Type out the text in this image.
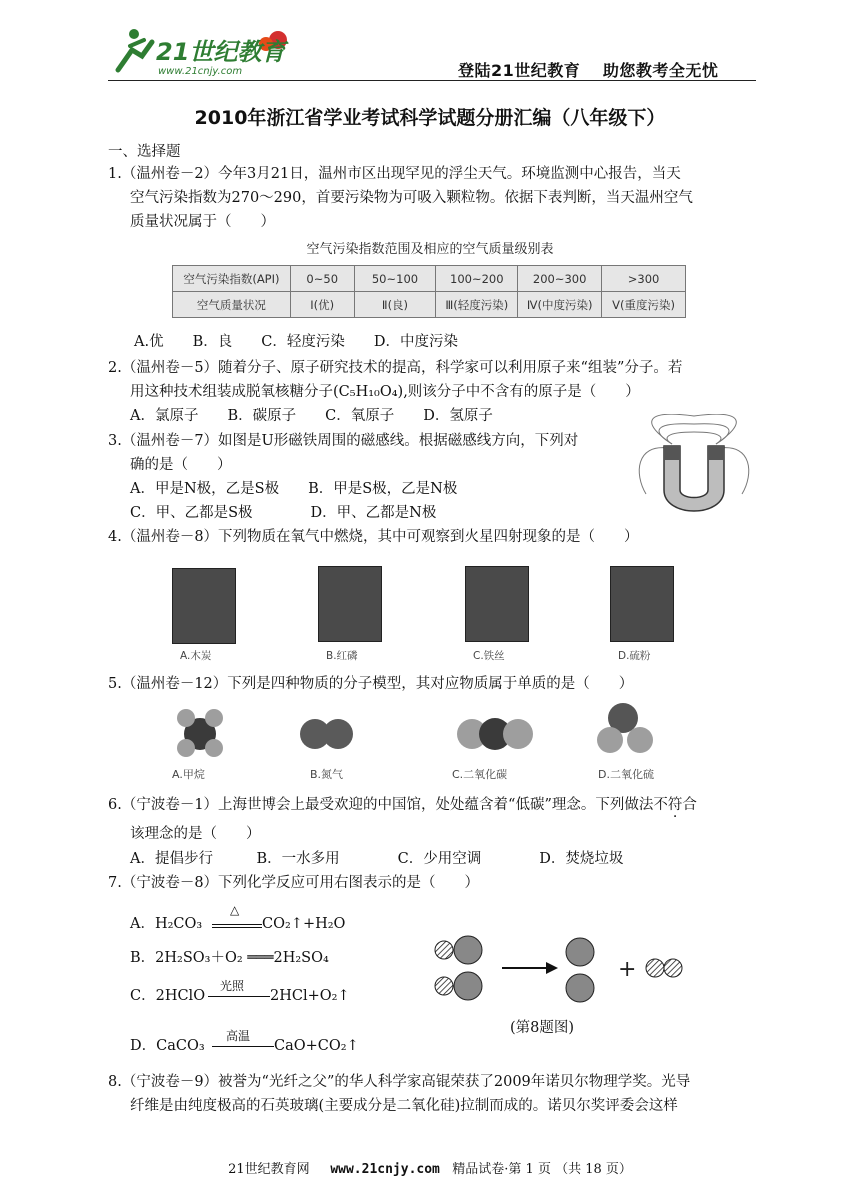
21世纪教育
www.21cnjy.com	登陆21世纪教育　 助您教考全无忧
2010年浙江省学业考试科学试题分册汇编（八年级下）
一、选择题
1.（温州卷－2）今年3月21日，温州市区出现罕见的浮尘天气。环境监测中心报告，当天
空气污染指数为270～290，首要污染物为可吸入颗粒物。依据下表判断，当天温州空气
质量状况属于（　　）
空气污染指数范围及相应的空气质量级别表
空气污染指数(API)	0~50	50~100	100~200	200~300	>300
空气质量状况	Ⅰ(优)	Ⅱ(良)	Ⅲ(轻度污染)	Ⅳ(中度污染)	Ⅴ(重度污染)
A.优　　B．良　　C．轻度污染　　D．中度污染
2.（温州卷－5）随着分子、原子研究技术的提高，科学家可以利用原子来“组装”分子。若
用这种技术组装成脱氧核糖分子(C₅H₁₀O₄),则该分子中不含有的原子是（　　）
A．氯原子　　B．碳原子　　C．氧原子　　D．氢原子
3.（温州卷－7）如图是U形磁铁周围的磁感线。根据磁感线方向，下列对
确的是（　　）
A．甲是N极，乙是S极　　B．甲是S极，乙是N极
C．甲、乙都是S极　　　　D．甲、乙都是N极
4.（温州卷－8）下列物质在氧气中燃烧，其中可观察到火星四射现象的是（　　）
A.木炭	B.红磷	C.铁丝	D.硫粉
5.（温州卷－12）下列是四种物质的分子模型，其对应物质属于单质的是（　　）
A.甲烷	B.氮气	C.二氧化碳	D.二氧化硫
6.（宁波卷－1）上海世博会上最受欢迎的中国馆，处处蕴含着“低碳”理念。下列做法不符合
该理念的是（　　）
A．提倡步行　　　B．一水多用　　　　C．少用空调　　　　D．焚烧垃圾
7.（宁波卷－8）下列化学反应可用右图表示的是（　　）
A．H₂CO₃
△
CO₂↑+H₂O
B．2H₂SO₃＋O₂ ═══2H₂SO₄
C．2HClO
光照
2HCl+O₂↑
D．CaCO₃
高温
CaO+CO₂↑
+
(第8题图)
8.（宁波卷－9）被誉为“光纤之父”的华人科学家高锟荣获了2009年诺贝尔物理学奖。光导
纤维是由纯度极高的石英玻璃(主要成分是二氧化硅)拉制而成的。诺贝尔奖评委会这样
21世纪教育网 www.21cnjy.com 精品试卷·第 1 页 （共 18 页）
